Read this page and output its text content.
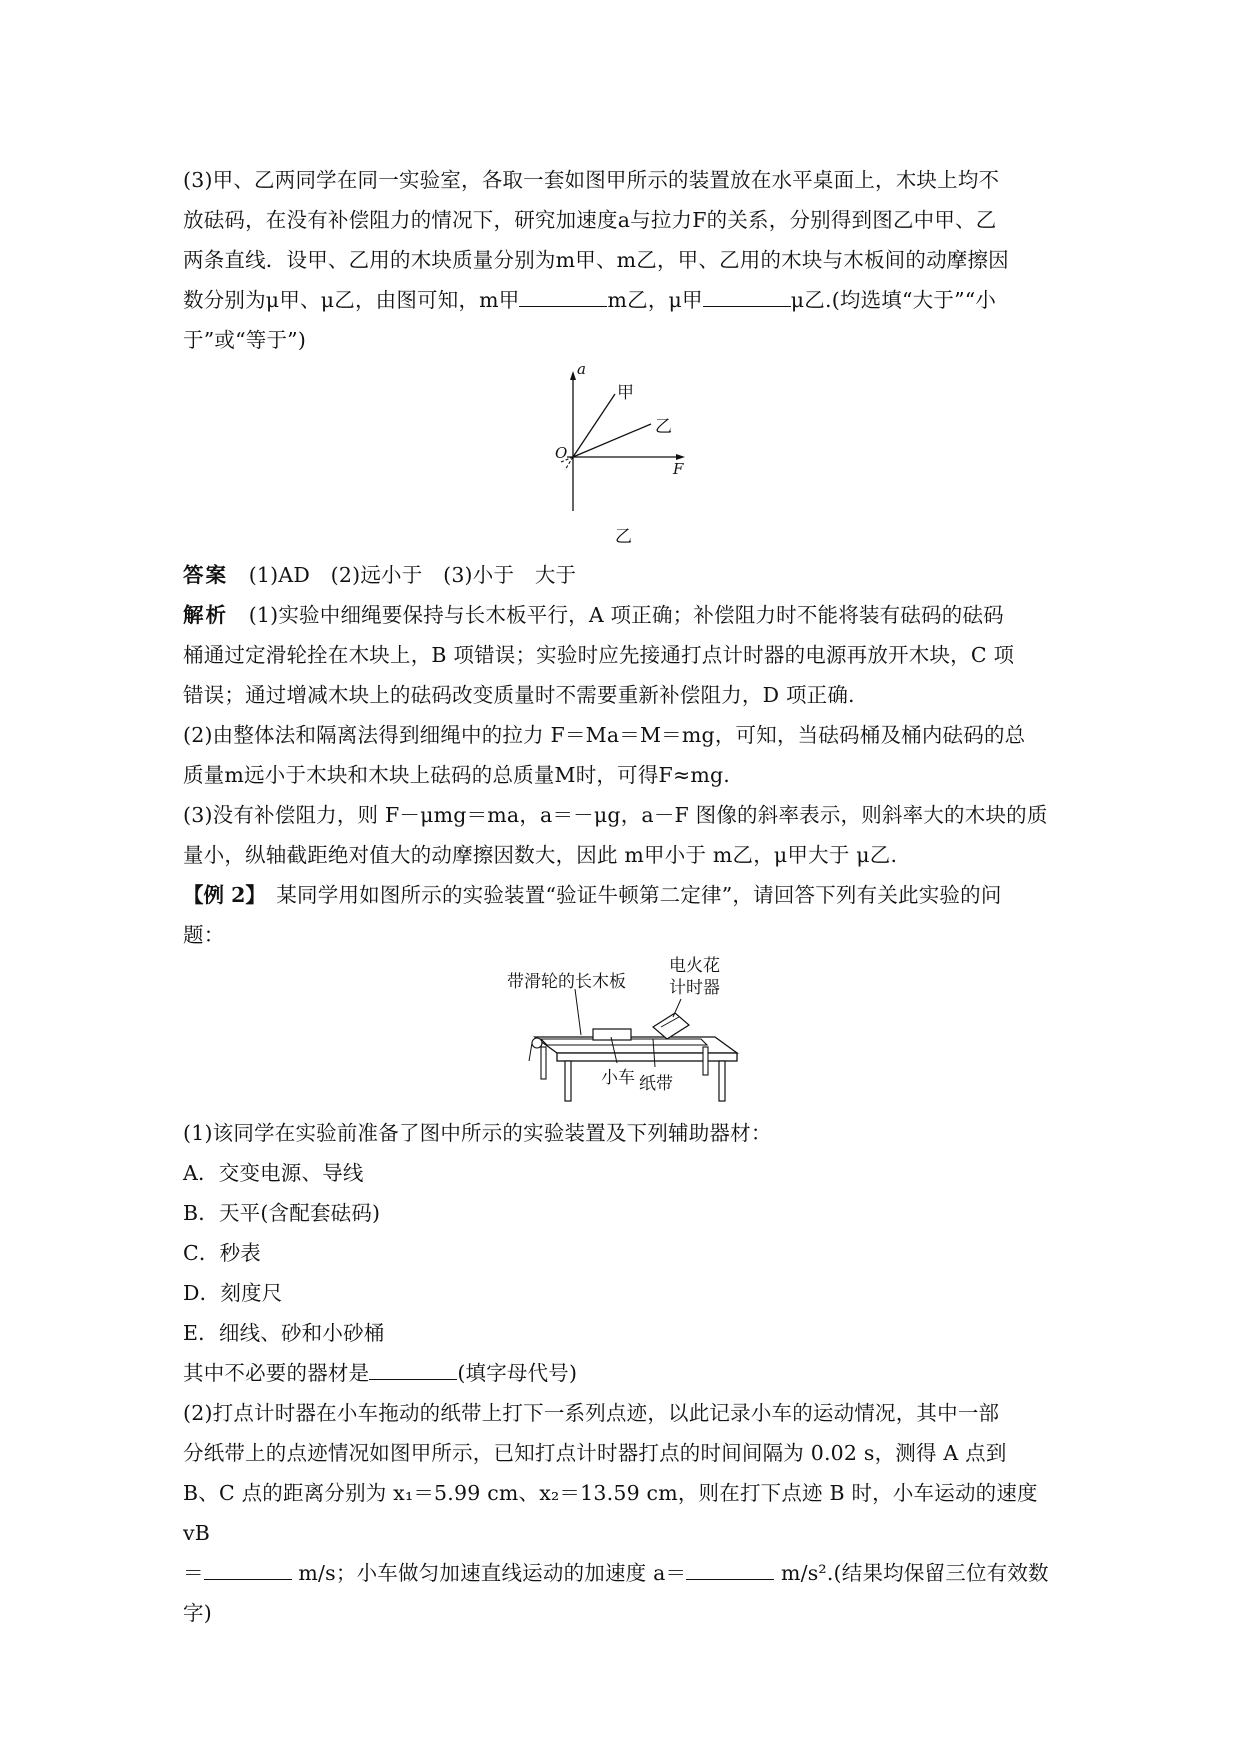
(3)甲、乙两同学在同一实验室，各取一套如图甲所示的装置放在水平桌面上，木块上均不

放砝码，在没有补偿阻力的情况下，研究加速度a与拉力F的关系，分别得到图乙中甲、乙

两条直线．设甲、乙用的木块质量分别为m甲、m乙，甲、乙用的木块与木板间的动摩擦因

数分别为μ甲、μ乙，由图可知，m甲	m乙，μ甲	μ乙.(均选填“大于”“小

于”或“等于”)

a
F
O
甲
乙
乙

答案　 (1)AD　(2)远小于　(3)小于　大于

解析　 (1)实验中细绳要保持与长木板平行，A 项正确；补偿阻力时不能将装有砝码的砝码

桶通过定滑轮拴在木块上，B 项错误；实验时应先接通打点计时器的电源再放开木块，C 项

错误；通过增减木块上的砝码改变质量时不需要重新补偿阻力，D 项正确.

(2)由整体法和隔离法得到细绳中的拉力 F＝Ma＝M＝mg，可知，当砝码桶及桶内砝码的总

质量m远小于木块和木块上砝码的总质量M时，可得F≈mg.

(3)没有补偿阻力，则 F－μmg＝ma，a＝－μg，a－F 图像的斜率表示，则斜率大的木块的质

量小，纵轴截距绝对值大的动摩擦因数大，因此 m甲小于 m乙，μ甲大于 μ乙.

【例 2】　 某同学用如图所示的实验装置“验证牛顿第二定律”，请回答下列有关此实验的问

题：

带滑轮的长木板
电火花
计时器
小车 纸带

(1)该同学在实验前准备了图中所示的实验装置及下列辅助器材：

A．交变电源、导线

B．天平(含配套砝码)

C．秒表

D．刻度尺

E．细线、砂和小砂桶

其中不必要的器材是	(填字母代号)

(2)打点计时器在小车拖动的纸带上打下一系列点迹，以此记录小车的运动情况，其中一部

分纸带上的点迹情况如图甲所示，已知打点计时器打点的时间间隔为 0.02 s，测得 A 点到

B、C 点的距离分别为 x₁＝5.99 cm、x₂＝13.59 cm，则在打下点迹 B 时，小车运动的速度 vB

＝	m/s；小车做匀加速直线运动的加速度 a＝	m/s².(结果均保留三位有效数

字)
